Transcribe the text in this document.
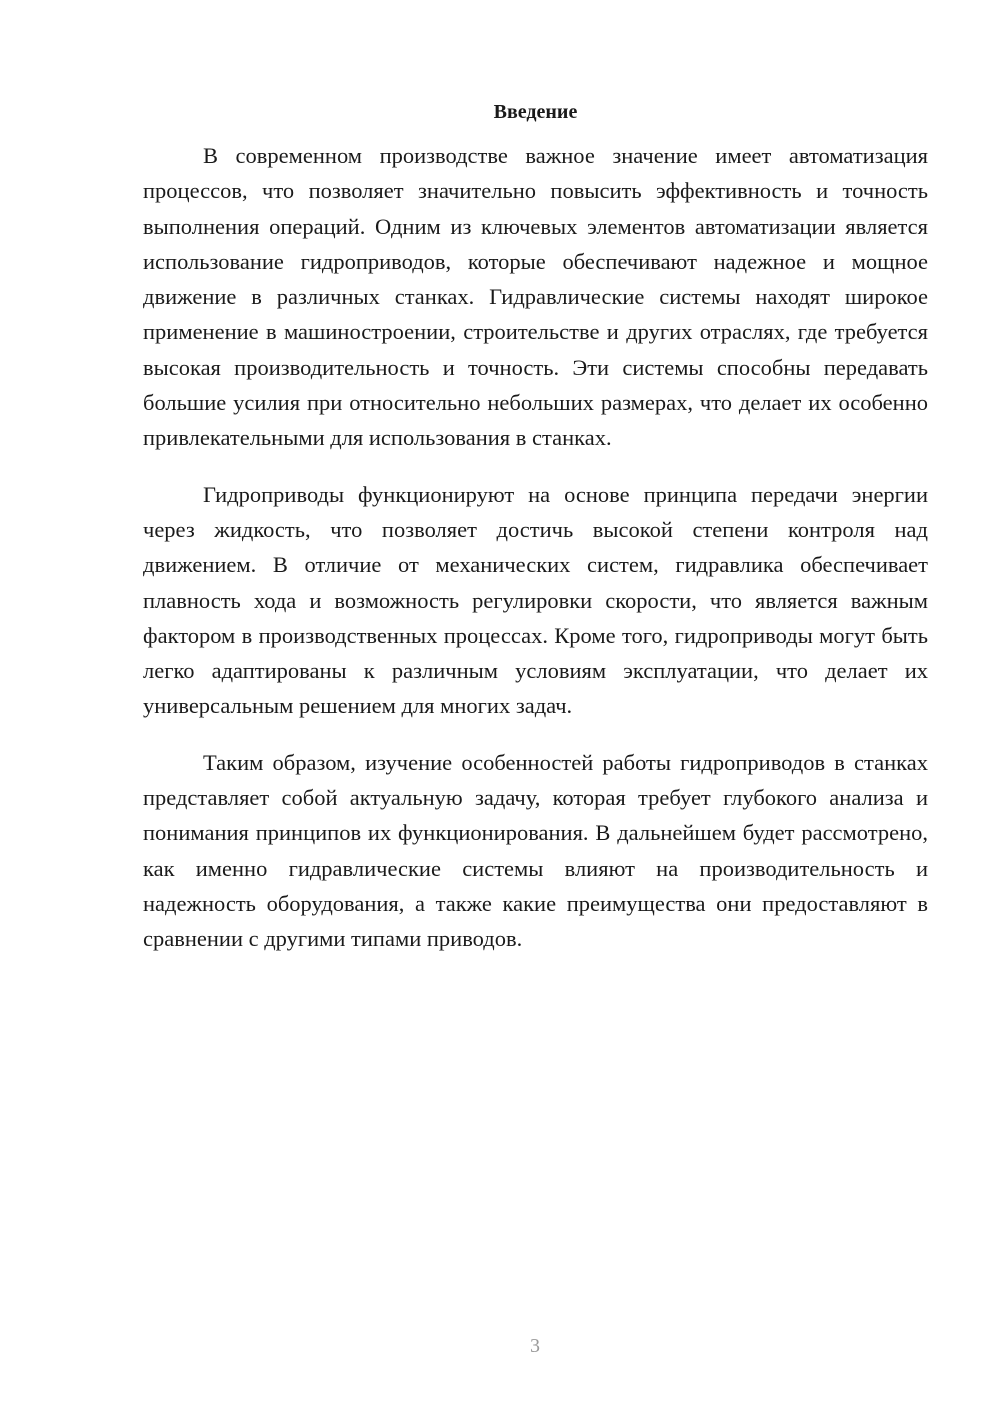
Введение

В современном производстве важное значение имеет автоматизация процессов, что позволяет значительно повысить эффективность и точность выполнения операций. Одним из ключевых элементов автоматизации является использование гидроприводов, которые обеспечивают надежное и мощное движение в различных станках. Гидравлические системы находят широкое применение в машиностроении, строительстве и других отраслях, где требуется высокая производительность и точность. Эти системы способны передавать большие усилия при относительно небольших размерах, что делает их особенно привлекательными для использования в станках.

Гидроприводы функционируют на основе принципа передачи энергии через жидкость, что позволяет достичь высокой степени контроля над движением. В отличие от механических систем, гидравлика обеспечивает плавность хода и возможность регулировки скорости, что является важным фактором в производственных процессах. Кроме того, гидроприводы могут быть легко адаптированы к различным условиям эксплуатации, что делает их универсальным решением для многих задач.

Таким образом, изучение особенностей работы гидроприводов в станках представляет собой актуальную задачу, которая требует глубокого анализа и понимания принципов их функционирования. В дальнейшем будет рассмотрено, как именно гидравлические системы влияют на производительность и надежность оборудования, а также какие преимущества они предоставляют в сравнении с другими типами приводов.

3
